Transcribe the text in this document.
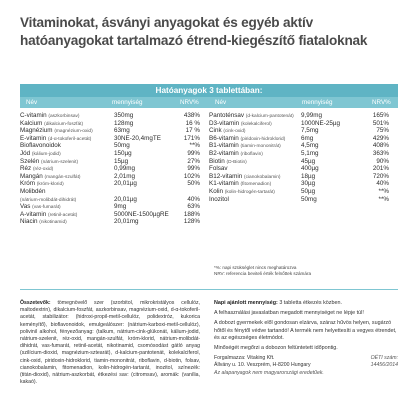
Vitaminokat, ásványi anyagokat és egyéb aktív hatóanyagokat tartalmazó étrend-kiegészítő fiataloknak
Hatóanyagok 3 tablettában:
Név	mennyiség	NRV%	Név	mennyiség	NRV%
C-vitamin (aszkorbinsav)	350mg	438%
Kalcium (dikalcium-foszfát)	128mg	16 %
Magnézium (magnézium-oxid)	63mg	17 %
E-vitamin (d-α-tokoferil-acetát)	30NE-20,4mgTE	171%
Bioflavonoidok	50mg	**%
Jód (kálium-jodid)	150µg	99%
Szelén (nátrium-szelenit)	15µg	27%
Réz (réz-oxid)	0,99mg	99%
Mangán (mangán-szulfát)	2,01mg	102%
Króm (króm-klorid)	20,01µg	50%
Molibdén
(nátrium-molibdát-dihidrát)	20,01µg	40%
Vas (vas-fumarát)	9mg	63%
A-vitamin (retinil-acetát)	5000NE-1500µgRE	188%
Niacin (nikotinamid)	20,01mg	128%
Pantoténsav (d-kalcium-pantotenát) 9,99mg	165%
D3-vitamin (kolekalciferol)	1000NE-25µg	501%
Cink (cink-oxid)	7,5mg	75%
B6-vitamin (piridoxin-hidroklorid) 6mg	429%
B1-vitamin (tiamin-mononitrát)	4,5mg	408%
B2-vitamin (riboflavin)	5,1mg	363%
Biotin (D-Biotin)	45µg	90%
Folsav	400µg	201%
B12-vitamin (cianokobalamin)	18µg	720%
K1-vitamin (fitomenadion)	30µg	40%
Kolin (kolin-hidrogén-tartarát)	50µg	**%
Inozitol	50mg	**%
*%: napi szükséglet nincs meghatározva
NRV: referencia beviteli érték felnőttek számára
Összetevők: tömegnövelő szer (szorbitol, mikrokristályos cellulóz, maltodextrin), dikalcium-foszfát, aszkorbinsav, magnézium-oxid, d-α-tokoferil-acetát, stabilizátor: (hidroxi-propil-metil-cellulóz, polidextróz, kukorica keményítő), bioflavonoidok, emulgeálószer: (nátrium-karboxi-metil-cellulóz), polivinil alkohol, fényezőanyag: (talkum, nátrium-cink-glükonát, kálium-jodid, nátrium-szelenit, réz-oxid, mangán-szulfát, króm-klorid, nátrium-molibdát-dihidrát, vas-fumarát, retinil-acetát, nikotinamid, csomósodást gátló anyag (szilícium-dioxid, magnézium-sztearát), d-kalcium-pantotenát, kolekalciferol, cink-oxid, piridoxin-hidroklorid, tiamin-mononitrát, riboflavin, d-biotin, folsav, cianokobalamin, fitomenadion, kolin-hidrogén-tartarát, inozitol, színezék: (titán-dioxid), nátrium-aszkorbát, étkezési sav: (citromsav), aromák: (vanília, kakaó).

Napi ajánlott mennyiség: 3 tabletta étkezés közben.

A felhasználási javaslatban megadott mennyiséget ne lépje túl!

A dobozt gyermekek elől gondosan elzárva, száraz hűvös helyen, sugárzó hőtől és fénytől védve tartandó! A termék nem helyettesíti a vegyes étrendet, és az egészséges életmódot.

Minőségét megőrzi a dobozon feltüntetett időpontig.

Forgalmazza: Vitaking Kft.
Állvány u. 10. Veszprém, H-8200 Hungary
OÉTI szám:
14456/2014
Az alapanyagok nem magyarországi eredetűek.
